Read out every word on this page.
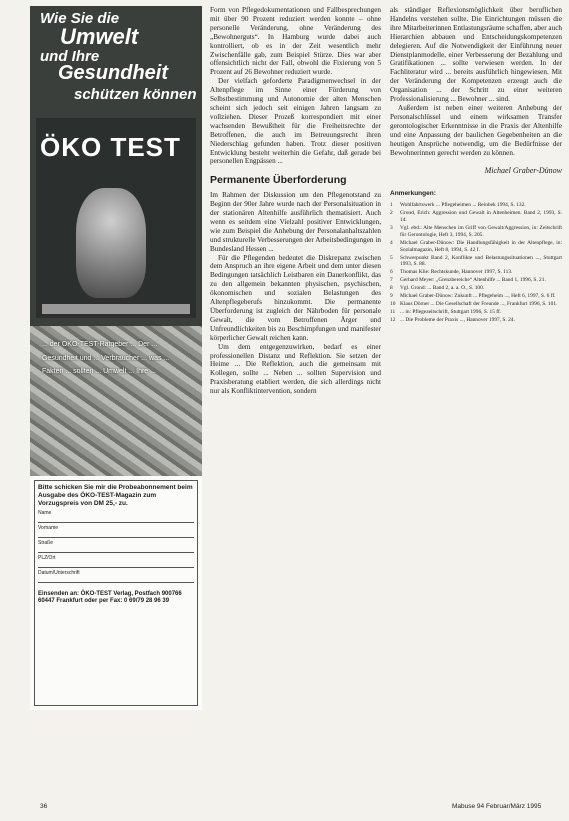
Wie Sie die
Umwelt
und Ihre
Gesundheit
schützen können
ÖKO TEST
... der ÖKO-TEST-Ratgeber ... Der ... Gesundheit und ... Verbraucher ... was ... Fakten ... sollten ... Umwelt ... Ihre ...
Bitte schicken Sie mir die Probeabonnement beim Ausgabe des ÖKO-TEST-Magazin zum Vorzugspreis von DM 25,- zu.
Name
Vorname
Straße
PLZ/Ort
Datum/Unterschrift
Einsenden an: ÖKO-TEST Verlag, Postfach 900766 60447 Frankfurt oder per Fax: 0 69/79 28 96 39

Form von Pflegedokumentationen und Fallbesprechungen mit über 90 Prozent reduziert werden konnte – ohne personelle Veränderung, ohne Veränderung des „Bewohnerguts“. In Hamburg wurde dabei auch kontrolliert, ob es in der Zeit wesentlich mehr Zwischenfälle gab, zum Beispiel Stürze. Dies war aber offensichtlich nicht der Fall, obwohl die Fixierung von 5 Prozent auf 26 Bewohner reduziert wurde.

Der vielfach geforderte Paradigmenwechsel in der Altenpflege im Sinne einer Förderung von Selbstbestimmung und Autonomie der alten Menschen scheint sich jedoch seit einigen Jahren langsam zu vollziehen. Dieser Prozeß korrespondiert mit einer wachsenden Bewußtheit für die Freiheitsrechte der Betroffenen, die auch im Betreuungsrecht ihren Niederschlag gefunden haben. Trotz dieser positiven Entwicklung besteht weiterhin die Gefahr, daß gerade bei personellen Engpässen ...

Permanente Überforderung

Im Rahmen der Diskussion um den Pflegenotstand zu Beginn der 90er Jahre wurde nach der Personalsituation in der stationären Altenhilfe ausführlich thematisiert. Auch wenn es seitdem eine Vielzahl positiver Entwicklungen, wie zum Beispiel die Anhebung der Personalanhaltszahlen und strukturelle Verbesserungen der Arbeitsbedingungen in Bundesland Hessen ...

Für die Pflegenden bedeutet die Diskrepanz zwischen dem Anspruch an ihre eigene Arbeit und dem unter diesen Bedingungen tatsächlich Leistbaren ein Dauerkonflikt, das zu den allgemein bekannten physischen, psychischen, ökonomischen und sozialen Belastungen des Altenpflegeberufs hinzukommt. Die permanente Überforderung ist zugleich der Nährboden für personale Gewalt, die vom Betroffenen Ärger und Unfreundlichkeiten bis zu Beschimpfungen und manifester körperlicher Gewalt reichen kann.

Um dem entgegenzuwirken, bedarf es einer professionellen Distanz und Reflektion. Sie setzen der Heime ... Die Reflektion, auch die gemeinsam mit Kollegen, sollte ... Neben ... sollten Supervision und Praxisberatung etabliert werden, die sich allerdings nicht nur als Konfliktintervention, sondern

als ständiger Reflexionsmöglichkeit über beruflichen Handelns verstehen sollte. Die Einrichtungen müssen die ihre Mitarbeiterinnen Entlastungsräume schaffen, aber auch Hierarchien abbauen und Entscheidungskompetenzen delegieren. Auf die Notwendigkeit der Einführung neuer Dienstplanmodelle, einer Verbesserung der Bezahlung und Gratifikationen ... sollte verwiesen werden. In der Fachliteratur wird ... bereits ausführlich hingewiesen. Mit der Veränderung der Kompetenzen erzeugt auch die Organisation ... der Schritt zu einer weiteren Professionalisierung ... Bewohner ... sind.

Außerdem ist neben einer weiteren Anhebung der Personalschlüssel und einem wirksamen Transfer gerontologischer Erkenntnisse in die Praxis der Altenhilfe und eine Anpassung der baulichen Gegebenheiten an die heutigen Ansprüche notwendig, um die Bedürfnisse der Bewohnerinnen gerecht werden zu können.

Michael Graber-Dünow
Anmerkungen:
1	Wohlfahrtswerk ... Pflegeheimen ... Reinbek 1994, S. 132.
2	Grond, Erich: Aggression und Gewalt in Altenheimen. Band 2, 1993, S. 14.
3	Vgl. ebd.: Alte Menschen im Griff von Gewalt/Aggression, in: Zeitschrift für Gerontologie, Heft 3, 1994, S. 205.
4	Michael Graber-Dünow: Die Handlungsfähigkeit in der Altenpflege, in: Sozialmagazin, Heft 8, 1994, S. 42 f.
5	Schwerpunkt Band 2, Konflikte und Belastungssituationen ..., Stuttgart 1993, S. 88.
6	Thomas Klie: Rechtskunde, Hannover 1997, S. 113.
7	Gerhard Meyer: „Grenzbereiche“ Altenhilfe ... Band 1, 1996, S. 21.
8	Vgl. Grond: ... Band 2, a. a. O., S. 100.
9	Michael Graber-Dünow: Zukunft ... Pflegeheim ..., Heft 6, 1997, S. 6 ff.
10 Klaus Dörner ... Die Gesellschaft der Freunde ..., Frankfurt 1996, S. 101.
11 ... in: Pflegezeitschrift, Stuttgart 1996, S. 15 ff.
12 ... Die Probleme der Praxis ..., Hannover 1997, S. 24.
36	Mabuse 94 Februar/März 1995
